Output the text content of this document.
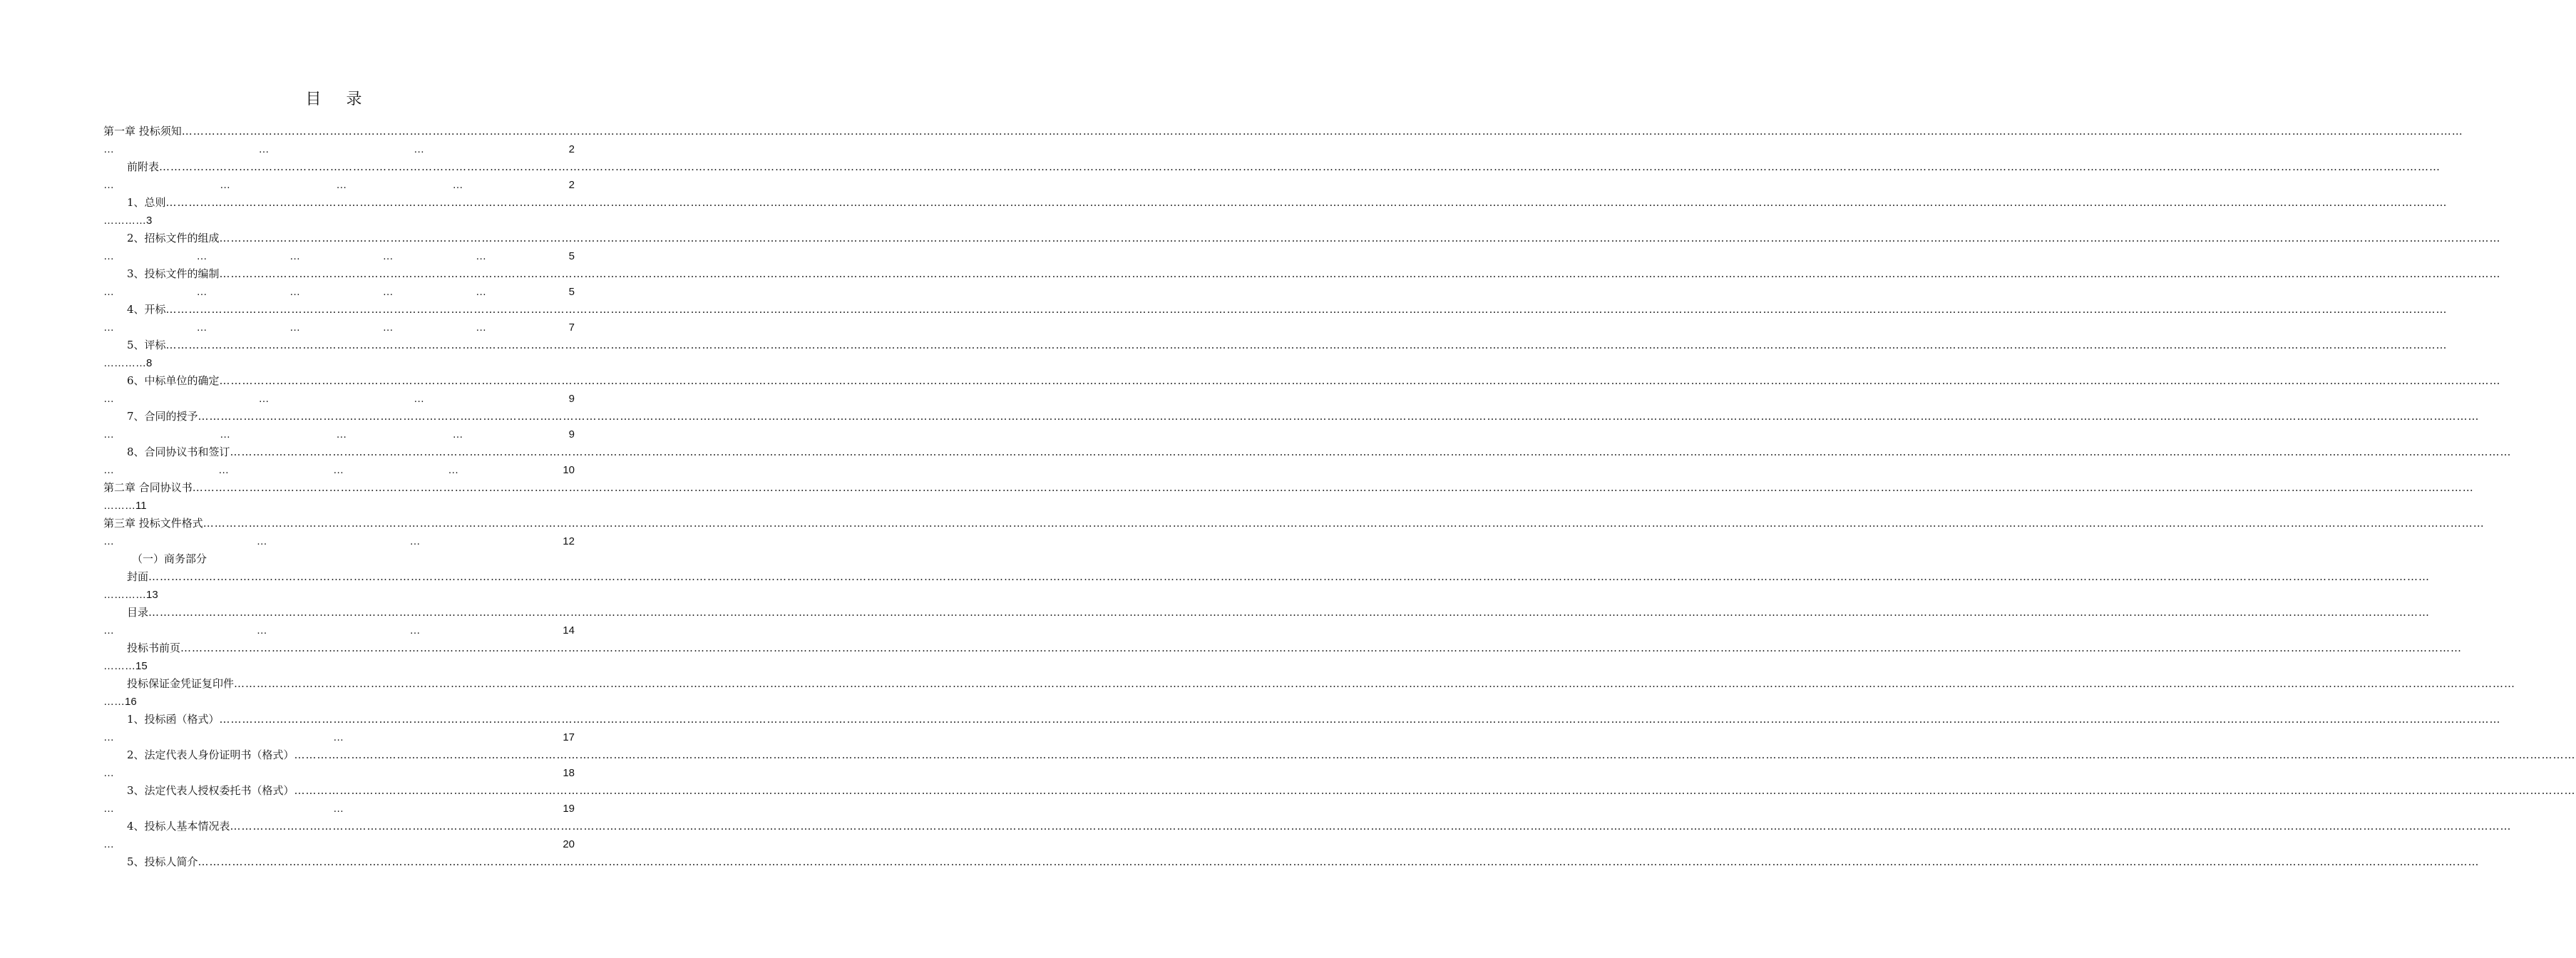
目 录
第一章 投标须知 ……………………………………………………………………………………………………………………………………………………………………………………………………………………………………………………………………………………………………………………………………………………………………………………………………………………………………………………………………………………………………………………………………………………
…	…	…	2
前附表 ……………………………………………………………………………………………………………………………………………………………………………………………………………………………………………………………………………………………………………………………………………………………………………………………………………………………………………………………………………………………………………………………………………………
…	…	…	…	2
1、总则 ……………………………………………………………………………………………………………………………………………………………………………………………………………………………………………………………………………………………………………………………………………………………………………………………………………………………………………………………………………………………………………………………………………………
………… 3
2、招标文件的组成 ……………………………………………………………………………………………………………………………………………………………………………………………………………………………………………………………………………………………………………………………………………………………………………………………………………………………………………………………………………………………………………………………………………………
…	…	…	…	…	5
3、投标文件的编制 ……………………………………………………………………………………………………………………………………………………………………………………………………………………………………………………………………………………………………………………………………………………………………………………………………………………………………………………………………………………………………………………………………………………
…	…	…	…	…	5
4、开标 ……………………………………………………………………………………………………………………………………………………………………………………………………………………………………………………………………………………………………………………………………………………………………………………………………………………………………………………………………………………………………………………………………………………
…	…	…	…	…	7
5、评标 ……………………………………………………………………………………………………………………………………………………………………………………………………………………………………………………………………………………………………………………………………………………………………………………………………………………………………………………………………………………………………………………………………………………
………… 8
6、中标单位的确定 ……………………………………………………………………………………………………………………………………………………………………………………………………………………………………………………………………………………………………………………………………………………………………………………………………………………………………………………………………………………………………………………………………………………
…	…	…	9
7、合同的授予 ……………………………………………………………………………………………………………………………………………………………………………………………………………………………………………………………………………………………………………………………………………………………………………………………………………………………………………………………………………………………………………………………………………………
…	…	…	…	9
8、合同协议书和签订 ……………………………………………………………………………………………………………………………………………………………………………………………………………………………………………………………………………………………………………………………………………………………………………………………………………………………………………………………………………………………………………………………………………………
…	…	…	…	10
第二章 合同协议书 ……………………………………………………………………………………………………………………………………………………………………………………………………………………………………………………………………………………………………………………………………………………………………………………………………………………………………………………………………………………………………………………………………………………
……… 11
第三章 投标文件格式 ……………………………………………………………………………………………………………………………………………………………………………………………………………………………………………………………………………………………………………………………………………………………………………………………………………………………………………………………………………………………………………………………………………………
…	…	…	12
（一）商务部分
封面 ……………………………………………………………………………………………………………………………………………………………………………………………………………………………………………………………………………………………………………………………………………………………………………………………………………………………………………………………………………………………………………………………………………………
………… 13
目录 ……………………………………………………………………………………………………………………………………………………………………………………………………………………………………………………………………………………………………………………………………………………………………………………………………………………………………………………………………………………………………………………………………………………
…	…	…	14
投标书前页 ……………………………………………………………………………………………………………………………………………………………………………………………………………………………………………………………………………………………………………………………………………………………………………………………………………………………………………………………………………………………………………………………………………………
……… 15
投标保证金凭证复印件 ……………………………………………………………………………………………………………………………………………………………………………………………………………………………………………………………………………………………………………………………………………………………………………………………………………………………………………………………………………………………………………………………………………………
…… 16
1、投标函（格式） ……………………………………………………………………………………………………………………………………………………………………………………………………………………………………………………………………………………………………………………………………………………………………………………………………………………………………………………………………………………………………………………………………………………
…	…	17
2、法定代表人身份证明书（格式） ……………………………………………………………………………………………………………………………………………………………………………………………………………………………………………………………………………………………………………………………………………………………………………………………………………………………………………………………………………………………………………………………………………………
…	18
3、法定代表人授权委托书（格式） ……………………………………………………………………………………………………………………………………………………………………………………………………………………………………………………………………………………………………………………………………………………………………………………………………………………………………………………………………………………………………………………………………………………
…	…	19
4、投标人基本情况表 ……………………………………………………………………………………………………………………………………………………………………………………………………………………………………………………………………………………………………………………………………………………………………………………………………………………………………………………………………………………………………………………………………………………
…	20
5、投标人简介 ……………………………………………………………………………………………………………………………………………………………………………………………………………………………………………………………………………………………………………………………………………………………………………………………………………………………………………………………………………………………………………………………………………………
